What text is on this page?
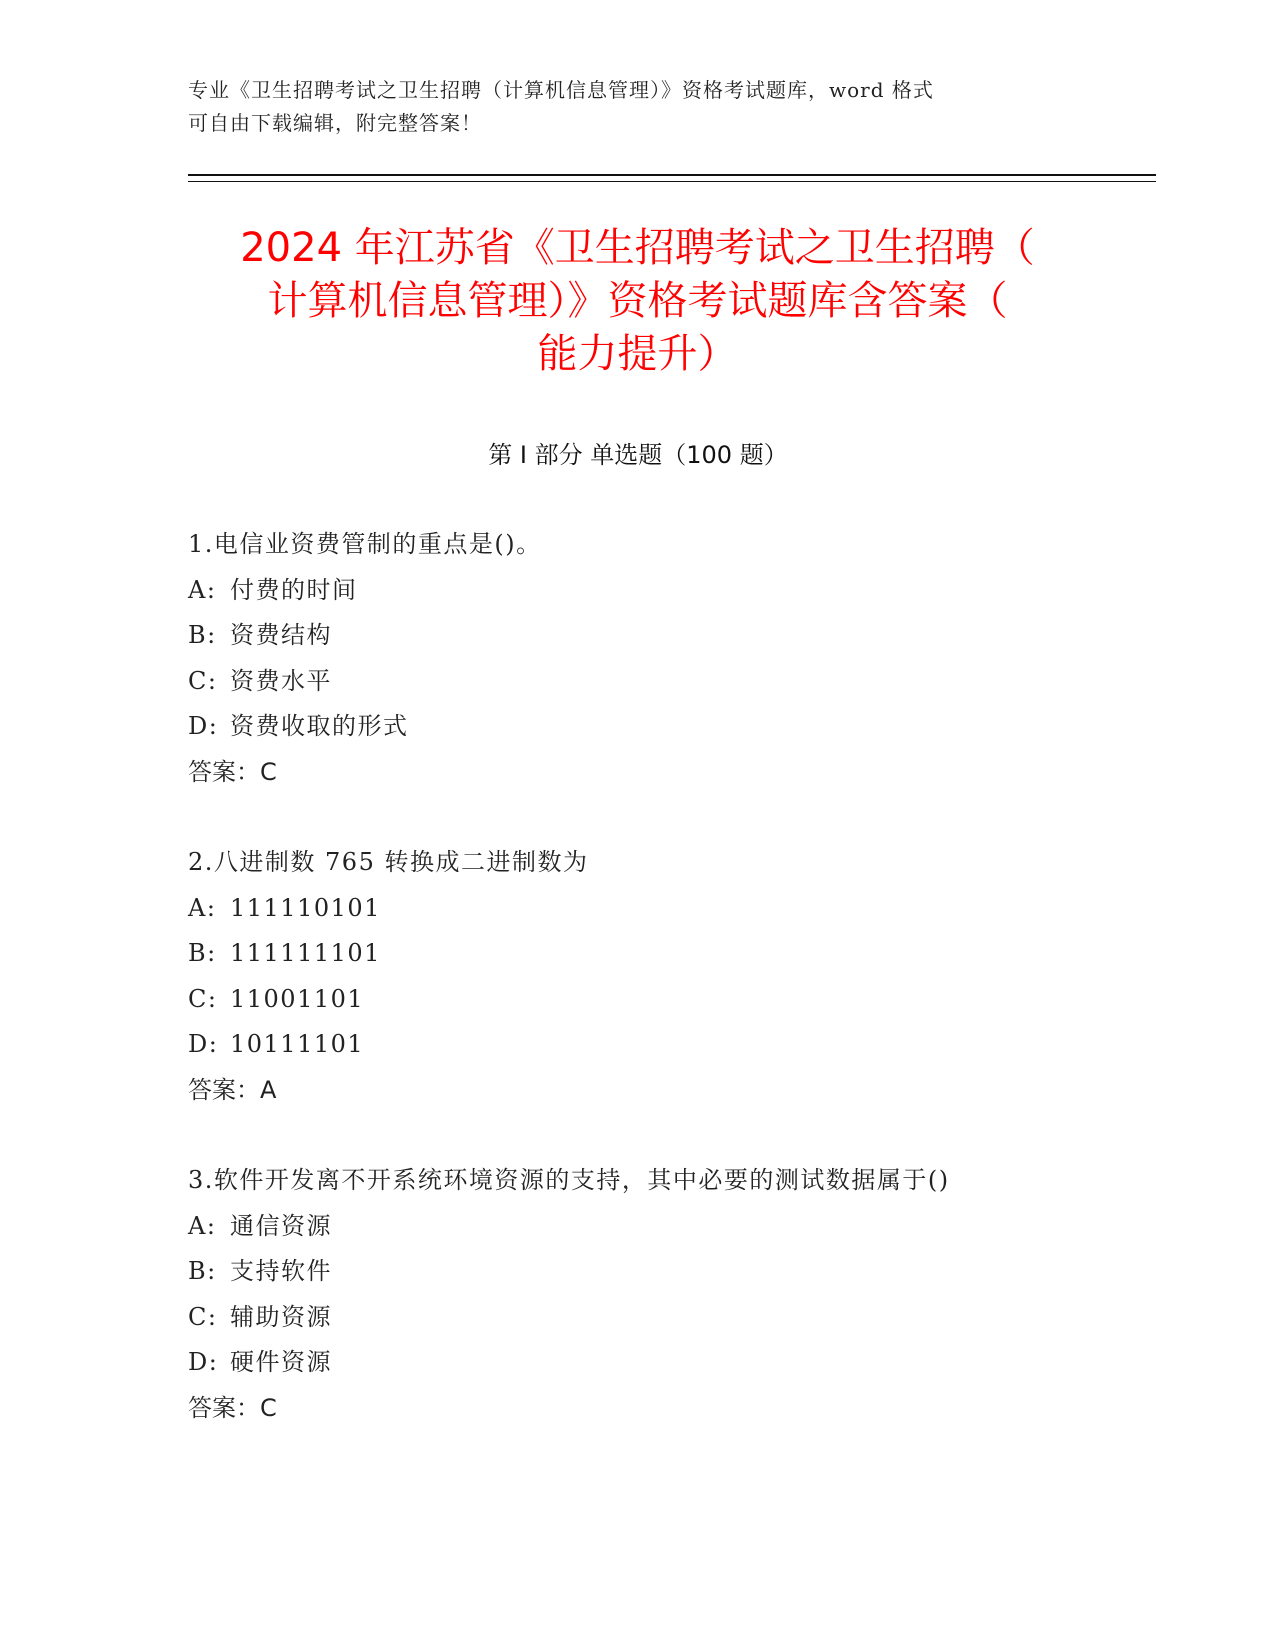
专业《卫生招聘考试之卫生招聘（计算机信息管理）》资格考试题库，word 格式
可自由下载编辑，附完整答案！
2024 年江苏省《卫生招聘考试之卫生招聘（
计算机信息管理）》资格考试题库含答案（
能力提升）
第 I 部分 单选题（100 题）
1.电信业资费管制的重点是()。
A: 付费的时间
B: 资费结构
C: 资费水平
D: 资费收取的形式
答案：C
2.八进制数 765 转换成二进制数为
A: 111110101
B: 111111101
C: 11001101
D: 10111101
答案：A
3.软件开发离不开系统环境资源的支持，其中必要的测试数据属于()
A: 通信资源
B: 支持软件
C: 辅助资源
D: 硬件资源
答案：C
